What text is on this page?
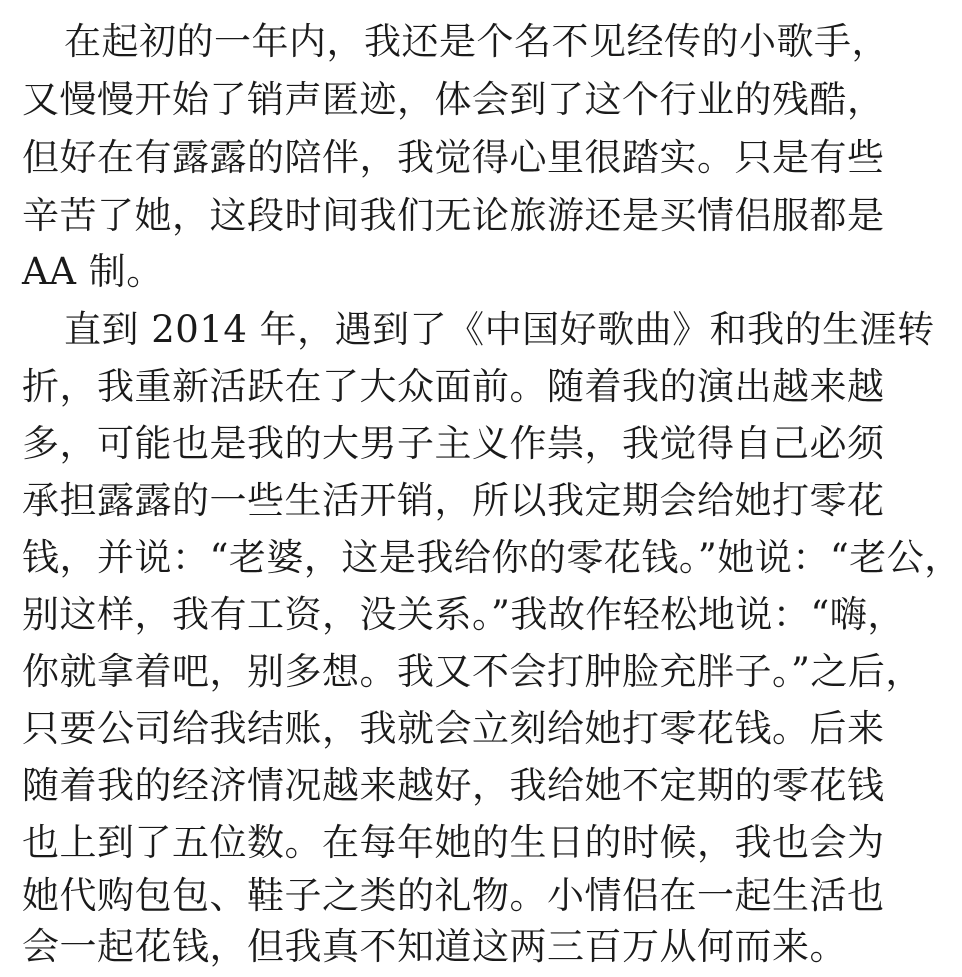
在起初的一年内，我还是个名不见经传的小歌手，
又慢慢开始了销声匿迹，体会到了这个行业的残酷，
但好在有露露的陪伴，我觉得心里很踏实。只是有些
辛苦了她，这段时间我们无论旅游还是买情侣服都是
AA 制。
直到 2014 年，遇到了《中国好歌曲》和我的生涯转
折，我重新活跃在了大众面前。随着我的演出越来越
多，可能也是我的大男子主义作祟，我觉得自己必须
承担露露的一些生活开销，所以我定期会给她打零花
钱，并说：“老婆，这是我给你的零花钱。”她说：“老公，
别这样，我有工资，没关系。”我故作轻松地说：“嗨，
你就拿着吧，别多想。我又不会打肿脸充胖子。”之后，
只要公司给我结账，我就会立刻给她打零花钱。后来
随着我的经济情况越来越好，我给她不定期的零花钱
也上到了五位数。在每年她的生日的时候，我也会为
她代购包包、鞋子之类的礼物。小情侣在一起生活也
会一起花钱，但我真不知道这两三百万从何而来。
